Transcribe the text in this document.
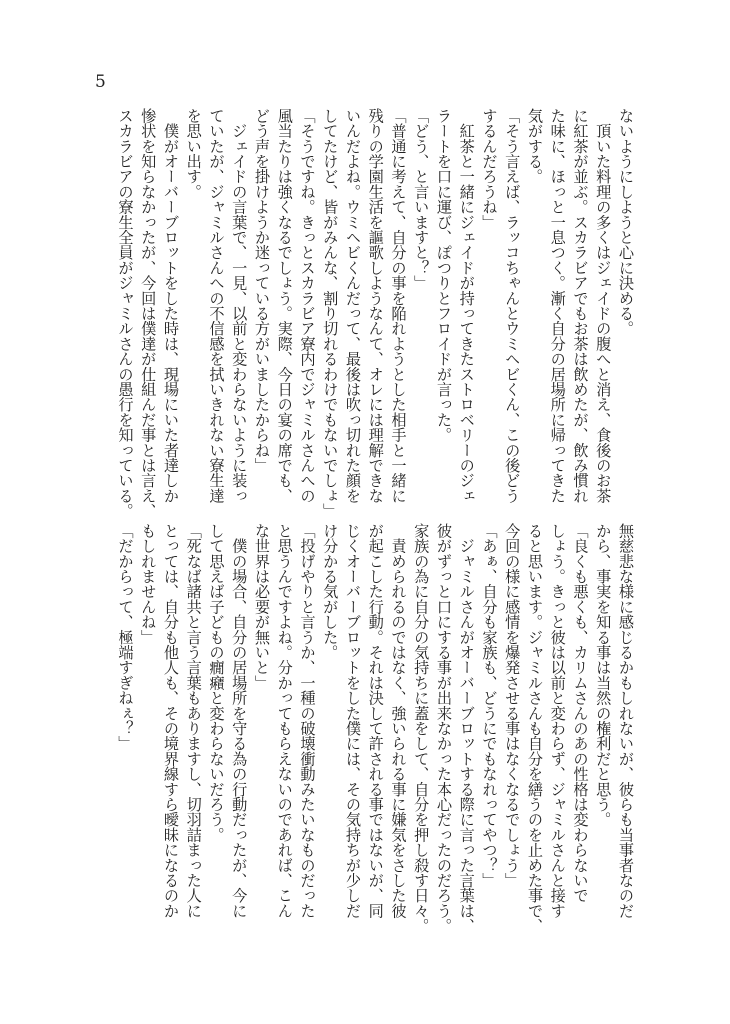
5
ないようにしようと心に決める。
　頂いた料理の多くはジェイドの腹へと消え、食後のお茶
に紅茶が並ぶ。スカラビアでもお茶は飲めたが、飲み慣れ
た味に、ほっと一息つく。漸く自分の居場所に帰ってきた
気がする。
「そう言えば、ラッコちゃんとウミヘビくん、この後どう
するんだろうね」
　紅茶と一緒にジェイドが持ってきたストロベリーのジェ
ラートを口に運び、ぽつりとフロイドが言った。
「どう、と言いますと？」
「普通に考えて、自分の事を陥れようとした相手と一緒に
残りの学園生活を謳歌しようなんて、オレには理解できな
いんだよね。ウミヘビくんだって、最後は吹っ切れた顔を
してたけど、皆がみんな、割り切れるわけでもないでしょ」
「そうですね。きっとスカラビア寮内でジャミルさんへの
風当たりは強くなるでしょう。実際、今日の宴の席でも、
どう声を掛けようか迷っている方がいましたからね」
　ジェイドの言葉で、一見、以前と変わらないように装っ
ていたが、ジャミルさんへの不信感を拭いきれない寮生達
を思い出す。
　僕がオーバーブロットをした時は、現場にいた者達しか
惨状を知らなかったが、今回は僕達が仕組んだ事とは言え、
スカラビアの寮生全員がジャミルさんの愚行を知っている。
無慈悲な様に感じるかもしれないが、彼らも当事者なのだ
から、事実を知る事は当然の権利だと思う。
「良くも悪くも、カリムさんのあの性格は変わらないで
しょう。きっと彼は以前と変わらず、ジャミルさんと接す
ると思います。ジャミルさんも自分を繕うのを止めた事で、
今回の様に感情を爆発させる事はなくなるでしょう」
「あぁ、自分も家族も、どうにでもなれってやつ？」
　ジャミルさんがオーバーブロットする際に言った言葉は、
彼がずっと口にする事が出来なかった本心だったのだろう。
家族の為に自分の気持ちに蓋をして、自分を押し殺す日々。
　責められるのではなく、強いられる事に嫌気をさした彼
が起こした行動。それは決して許される事ではないが、同
じくオーバーブロットをした僕には、その気持ちが少しだ
け分かる気がした。
「投げやりと言うか、一種の破壊衝動みたいなものだった
と思うんですよね。分かってもらえないのであれば、こん
な世界は必要が無いと」
　僕の場合、自分の居場所を守る為の行動だったが、今に
して思えば子どもの癇癪と変わらないだろう。
「死なば諸共と言う言葉もありますし、切羽詰まった人に
とっては、自分も他人も、その境界線すら曖昧になるのか
もしれませんね」
「だからって、極端すぎねぇ？」
